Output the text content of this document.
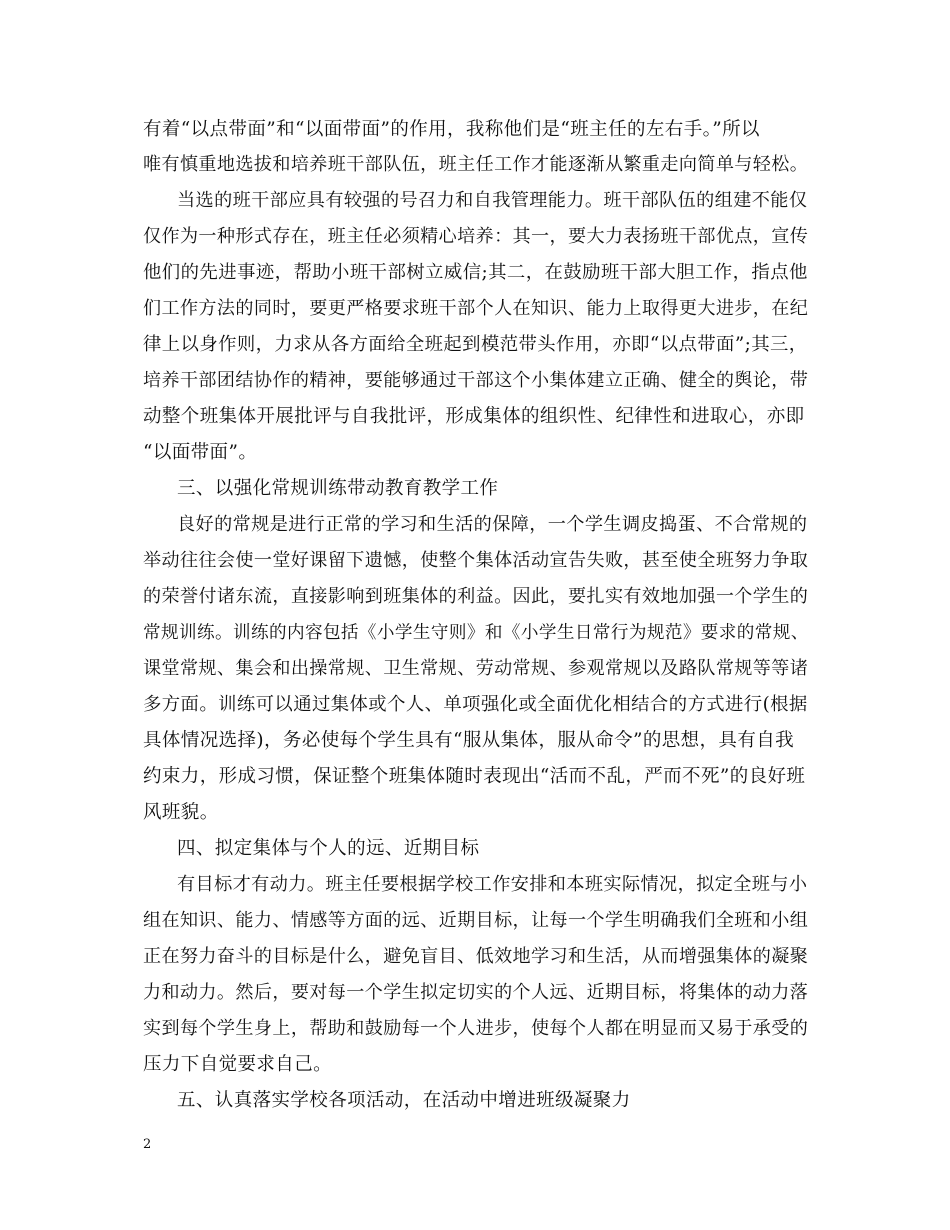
有着“以点带面”和“以面带面”的作用，我称他们是“班主任的左右手。”所以
唯有慎重地选拔和培养班干部队伍，班主任工作才能逐渐从繁重走向简单与轻松。
当选的班干部应具有较强的号召力和自我管理能力。班干部队伍的组建不能仅
仅作为一种形式存在，班主任必须精心培养：其一，要大力表扬班干部优点，宣传
他们的先进事迹，帮助小班干部树立威信;其二，在鼓励班干部大胆工作，指点他
们工作方法的同时，要更严格要求班干部个人在知识、能力上取得更大进步，在纪
律上以身作则，力求从各方面给全班起到模范带头作用，亦即“以点带面”;其三，
培养干部团结协作的精神，要能够通过干部这个小集体建立正确、健全的舆论，带
动整个班集体开展批评与自我批评，形成集体的组织性、纪律性和进取心，亦即
“以面带面”。
三、以强化常规训练带动教育教学工作
良好的常规是进行正常的学习和生活的保障，一个学生调皮捣蛋、不合常规的
举动往往会使一堂好课留下遗憾，使整个集体活动宣告失败，甚至使全班努力争取
的荣誉付诸东流，直接影响到班集体的利益。因此，要扎实有效地加强一个学生的
常规训练。训练的内容包括《小学生守则》和《小学生日常行为规范》要求的常规、
课堂常规、集会和出操常规、卫生常规、劳动常规、参观常规以及路队常规等等诸
多方面。训练可以通过集体或个人、单项强化或全面优化相结合的方式进行(根据
具体情况选择)，务必使每个学生具有“服从集体，服从命令”的思想，具有自我
约束力，形成习惯，保证整个班集体随时表现出“活而不乱，严而不死”的良好班
风班貌。
四、拟定集体与个人的远、近期目标
有目标才有动力。班主任要根据学校工作安排和本班实际情况，拟定全班与小
组在知识、能力、情感等方面的远、近期目标，让每一个学生明确我们全班和小组
正在努力奋斗的目标是什么，避免盲目、低效地学习和生活，从而增强集体的凝聚
力和动力。然后，要对每一个学生拟定切实的个人远、近期目标，将集体的动力落
实到每个学生身上，帮助和鼓励每一个人进步，使每个人都在明显而又易于承受的
压力下自觉要求自己。
五、认真落实学校各项活动，在活动中增进班级凝聚力
2
